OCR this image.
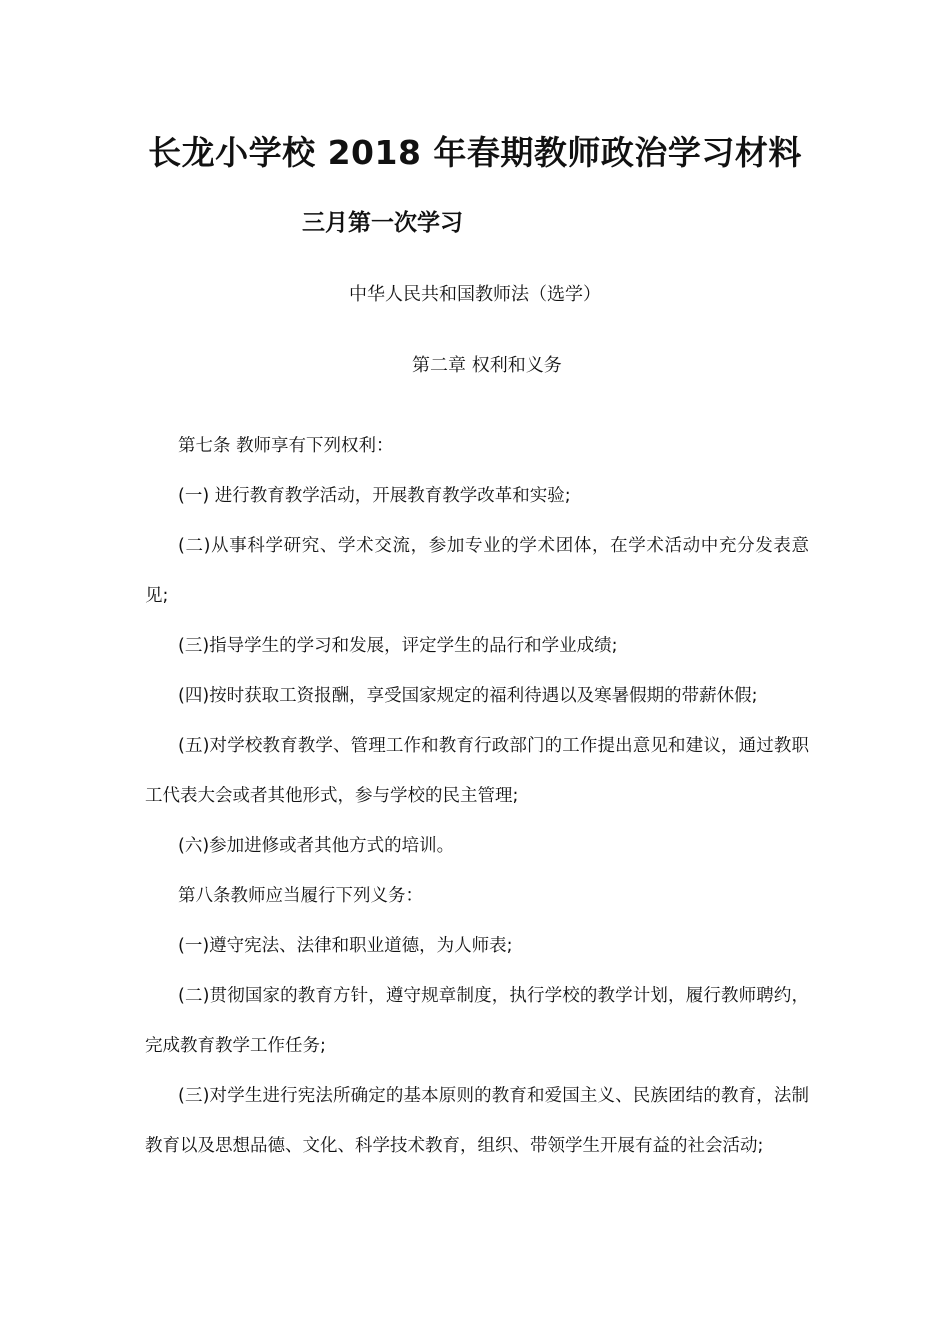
长龙小学校 2018 年春期教师政治学习材料
三月第一次学习

中华人民共和国教师法（选学）

第二章 权利和义务

第七条 教师享有下列权利：

(一) 进行教育教学活动，开展教育教学改革和实验;

(二)从事科学研究、学术交流，参加专业的学术团体，在学术活动中充分发表意见;

(三)指导学生的学习和发展，评定学生的品行和学业成绩;

(四)按时获取工资报酬，享受国家规定的福利待遇以及寒暑假期的带薪休假;

(五)对学校教育教学、管理工作和教育行政部门的工作提出意见和建议，通过教职工代表大会或者其他形式，参与学校的民主管理;

(六)参加进修或者其他方式的培训。

第八条教师应当履行下列义务：

(一)遵守宪法、法律和职业道德，为人师表;

(二)贯彻国家的教育方针，遵守规章制度，执行学校的教学计划，履行教师聘约，完成教育教学工作任务;

(三)对学生进行宪法所确定的基本原则的教育和爱国主义、民族团结的教育，法制教育以及思想品德、文化、科学技术教育，组织、带领学生开展有益的社会活动;
